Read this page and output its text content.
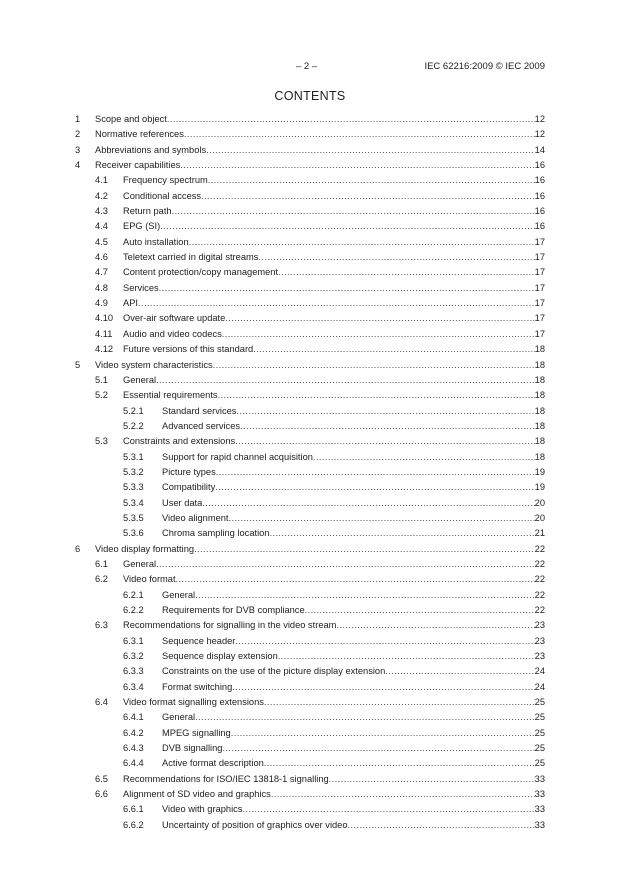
– 2 –	IEC 62216:2009 © IEC 2009
CONTENTS
1	Scope and object .....	12
2	Normative references .....	12
3	Abbreviations and symbols .....	14
4	Receiver capabilities .....	16
4.1	Frequency spectrum .....	16
4.2	Conditional access .....	16
4.3	Return path .....	16
4.4	EPG (SI) .....	16
4.5	Auto installation .....	17
4.6	Teletext carried in digital streams .....	17
4.7	Content protection/copy management .....	17
4.8	Services .....	17
4.9	API .....	17
4.10	Over-air software update .....	17
4.11	Audio and video codecs .....	17
4.12	Future versions of this standard .....	18
5	Video system characteristics .....	18
5.1	General .....	18
5.2	Essential requirements .....	18
5.2.1	Standard services .....	18
5.2.2	Advanced services .....	18
5.3	Constraints and extensions .....	18
5.3.1	Support for rapid channel acquisition .....	18
5.3.2	Picture types .....	19
5.3.3	Compatibility .....	19
5.3.4	User data .....	20
5.3.5	Video alignment .....	20
5.3.6	Chroma sampling location .....	21
6	Video display formatting .....	22
6.1	General .....	22
6.2	Video format .....	22
6.2.1	General .....	22
6.2.2	Requirements for DVB compliance .....	22
6.3	Recommendations for signalling in the video stream .....	23
6.3.1	Sequence header .....	23
6.3.2	Sequence display extension .....	23
6.3.3	Constraints on the use of the picture display extension .....	24
6.3.4	Format switching .....	24
6.4	Video format signalling extensions .....	25
6.4.1	General .....	25
6.4.2	MPEG signalling .....	25
6.4.3	DVB signalling .....	25
6.4.4	Active format description .....	25
6.5	Recommendations for ISO/IEC 13818-1 signalling .....	33
6.6	Alignment of SD video and graphics .....	33
6.6.1	Video with graphics .....	33
6.6.2	Uncertainty of position of graphics over video .....	33
